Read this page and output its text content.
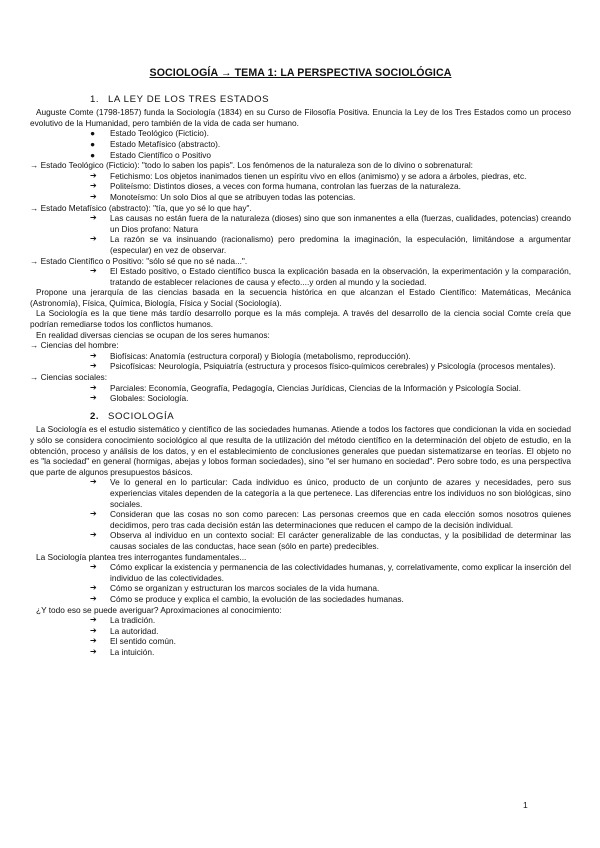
SOCIOLOGÍA → TEMA 1: LA PERSPECTIVA SOCIOLÓGICA
1. LA LEY DE LOS TRES ESTADOS

Auguste Comte (1798-1857) funda la Sociología (1834) en su Curso de Filosofía Positiva. Enuncia la Ley de los Tres Estados como un proceso evolutivo de la Humanidad, pero también de la vida de cada ser humano.

●	Estado Teológico (Ficticio).
●	Estado Metafísico (abstracto).
●	Estado Científico o Positivo

→ Estado Teológico (Ficticio): "todo lo saben los papis". Los fenómenos de la naturaleza son de lo divino o sobrenatural:

➔	Fetichismo: Los objetos inanimados tienen un espíritu vivo en ellos (animismo) y se adora a árboles, piedras, etc.
➔	Politeísmo: Distintos dioses, a veces con forma humana, controlan las fuerzas de la naturaleza.
➔	Monoteísmo: Un solo Dios al que se atribuyen todas las potencias.

→ Estado Metafísico (abstracto): "tía, que yo sé lo que hay".

➔	Las causas no están fuera de la naturaleza (dioses) sino que son inmanentes a ella (fuerzas, cualidades, potencias) creando un Dios profano: Natura
➔	La razón se va insinuando (racionalismo) pero predomina la imaginación, la especulación, limitándose a argumentar (especular) en vez de observar.

→ Estado Científico o Positivo: "sólo sé que no sé nada...".

➔	El Estado positivo, o Estado científico busca la explicación basada en la observación, la experimentación y la comparación, tratando de establecer relaciones de causa y efecto....y orden al mundo y la sociedad.

Propone una jerarquía de las ciencias basada en la secuencia histórica en que alcanzan el Estado Científico: Matemáticas, Mecánica (Astronomía), Física, Química, Biología, Física y Social (Sociología).

La Sociología es la que tiene más tardío desarrollo porque es la más compleja. A través del desarrollo de la ciencia social Comte creía que podrían remediarse todos los conflictos humanos.

En realidad diversas ciencias se ocupan de los seres humanos:

→ Ciencias del hombre:

➔	Biofísicas: Anatomía (estructura corporal) y Biología (metabolismo, reproducción).
➔	Psicofísicas: Neurología, Psiquiatría (estructura y procesos físico-químicos cerebrales) y Psicología (procesos mentales).

→ Ciencias sociales:

➔	Parciales: Economía, Geografía, Pedagogía, Ciencias Jurídicas, Ciencias de la Información y Psicología Social.
➔	Globales: Sociología.
2. SOCIOLOGÍA

La Sociología es el estudio sistemático y científico de las sociedades humanas. Atiende a todos los factores que condicionan la vida en sociedad y sólo se considera conocimiento sociológico al que resulta de la utilización del método científico en la determinación del objeto de estudio, en la obtención, proceso y análisis de los datos, y en el establecimiento de conclusiones generales que puedan sistematizarse en teorías. El objeto no es "la sociedad" en general (hormigas, abejas y lobos forman sociedades), sino "el ser humano en sociedad". Pero sobre todo, es una perspectiva que parte de algunos presupuestos básicos.

➔	Ve lo general en lo particular: Cada individuo es único, producto de un conjunto de azares y necesidades, pero sus experiencias vitales dependen de la categoría a la que pertenece. Las diferencias entre los individuos no son biológicas, sino sociales.
➔	Consideran que las cosas no son como parecen: Las personas creemos que en cada elección somos nosotros quienes decidimos, pero tras cada decisión están las determinaciones que reducen el campo de la decisión individual.
➔	Observa al individuo en un contexto social: El carácter generalizable de las conductas, y la posibilidad de determinar las causas sociales de las conductas, hace sean (sólo en parte) predecibles.

La Sociología plantea tres interrogantes fundamentales...

➔	Cómo explicar la existencia y permanencia de las colectividades humanas, y, correlativamente, como explicar la inserción del individuo de las colectividades.
➔	Cómo se organizan y estructuran los marcos sociales de la vida humana.
➔	Cómo se produce y explica el cambio, la evolución de las sociedades humanas.

¿Y todo eso se puede averiguar? Aproximaciones al conocimiento:

➔	La tradición.
➔	La autoridad.
➔	El sentido común.
➔	La intuición.
1
